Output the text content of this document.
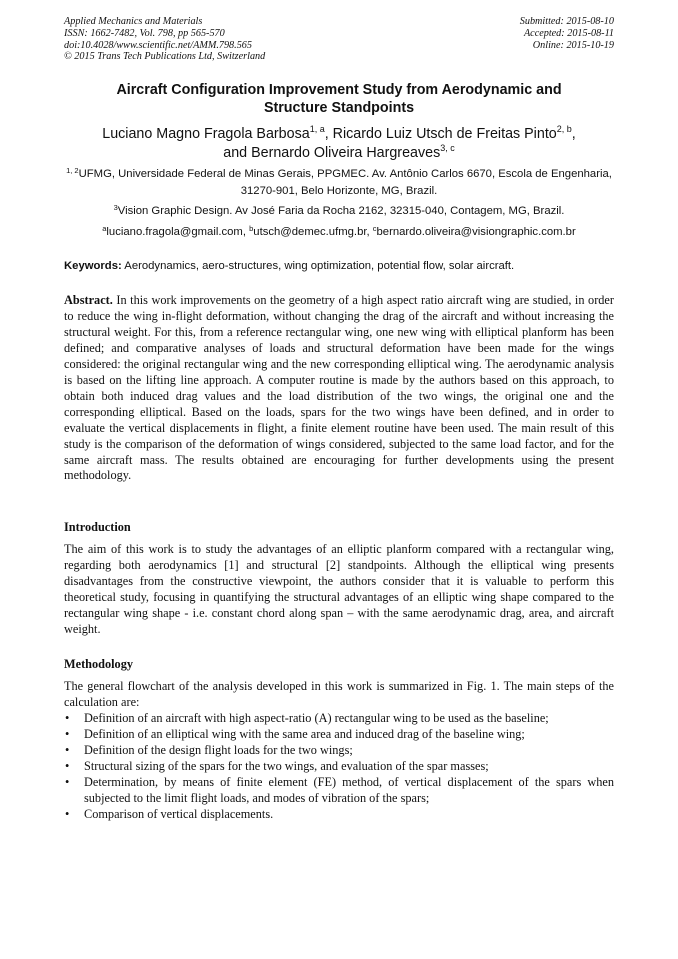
Applied Mechanics and Materials
ISSN: 1662-7482, Vol. 798, pp 565-570
doi:10.4028/www.scientific.net/AMM.798.565
© 2015 Trans Tech Publications Ltd, Switzerland
Submitted: 2015-08-10
Accepted: 2015-08-11
Online: 2015-10-19
Aircraft Configuration Improvement Study from Aerodynamic and
Structure Standpoints
Luciano Magno Fragola Barbosa$^{1, a}$, Ricardo Luiz Utsch de Freitas Pinto$^{2, b}$,
and Bernardo Oliveira Hargreaves$^{3, c}$
$^{1, 2}$UFMG, Universidade Federal de Minas Gerais, PPGMEC. Av. Antônio Carlos 6670, Escola de Engenharia, 31270-901, Belo Horizonte, MG, Brazil.
$^3$Vision Graphic Design. Av José Faria da Rocha 2162, 32315-040, Contagem, MG, Brazil.
$^a$luciano.fragola@gmail.com, $^b$utsch@demec.ufmg.br, $^c$bernardo.oliveira@visiongraphic.com.br
Keywords: Aerodynamics, aero-structures, wing optimization, potential flow, solar aircraft.

Abstract. In this work improvements on the geometry of a high aspect ratio aircraft wing are studied, in order to reduce the wing in-flight deformation, without changing the drag of the aircraft and without increasing the structural weight. For this, from a reference rectangular wing, one new wing with elliptical planform has been defined; and comparative analyses of loads and structural deformation have been made for the wings considered: the original rectangular wing and the new corresponding elliptical wing. The aerodynamic analysis is based on the lifting line approach. A computer routine is made by the authors based on this approach, to obtain both induced drag values and the load distribution of the two wings, the original one and the corresponding elliptical. Based on the loads, spars for the two wings have been defined, and in order to evaluate the vertical displacements in flight, a finite element routine have been used. The main result of this study is the comparison of the deformation of wings considered, subjected to the same load factor, and for the same aircraft mass. The results obtained are encouraging for further developments using the present methodology.

Introduction

The aim of this work is to study the advantages of an elliptic planform compared with a rectangular wing, regarding both aerodynamics [1] and structural [2] standpoints. Although the elliptical wing presents disadvantages from the constructive viewpoint, the authors consider that it is valuable to perform this theoretical study, focusing in quantifying the structural advantages of an elliptic wing shape compared to the rectangular wing shape - i.e. constant chord along span – with the same aerodynamic drag, area, and aircraft weight.

Methodology

The general flowchart of the analysis developed in this work is summarized in Fig. 1. The main steps of the calculation are:

• Definition of an aircraft with high aspect-ratio (A) rectangular wing to be used as the baseline;
• Definition of an elliptical wing with the same area and induced drag of the baseline wing;
• Definition of the design flight loads for the two wings;
• Structural sizing of the spars for the two wings, and evaluation of the spar masses;
• Determination, by means of finite element (FE) method, of vertical displacement of the spars when subjected to the limit flight loads, and modes of vibration of the spars;
• Comparison of vertical displacements.
